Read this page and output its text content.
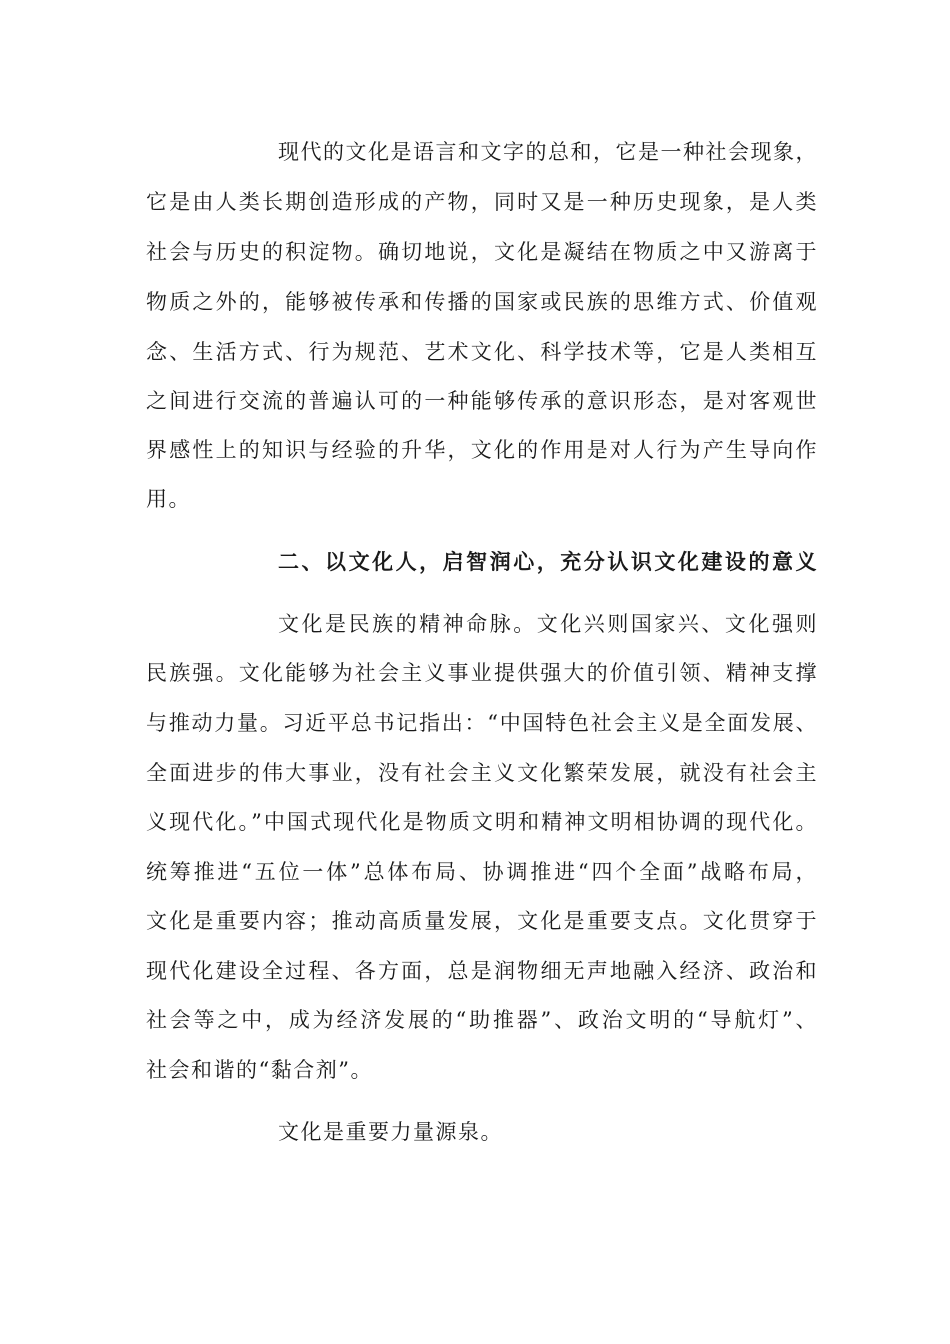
现代的文化是语言和文字的总和，它是一种社会现象，
它是由人类长期创造形成的产物，同时又是一种历史现象，是人类
社会与历史的积淀物。确切地说，文化是凝结在物质之中又游离于
物质之外的，能够被传承和传播的国家或民族的思维方式、价值观
念、生活方式、行为规范、艺术文化、科学技术等，它是人类相互
之间进行交流的普遍认可的一种能够传承的意识形态，是对客观世
界感性上的知识与经验的升华，文化的作用是对人行为产生导向作
用。
二、以文化人，启智润心，充分认识文化建设的意义
文化是民族的精神命脉。文化兴则国家兴、文化强则
民族强。文化能够为社会主义事业提供强大的价值引领、精神支撑
与推动力量。习近平总书记指出：“中国特色社会主义是全面发展、
全面进步的伟大事业，没有社会主义文化繁荣发展，就没有社会主
义现代化。”中国式现代化是物质文明和精神文明相协调的现代化。
统筹推进“五位一体”总体布局、协调推进“四个全面”战略布局，
文化是重要内容；推动高质量发展，文化是重要支点。文化贯穿于
现代化建设全过程、各方面，总是润物细无声地融入经济、政治和
社会等之中，成为经济发展的“助推器”、政治文明的“导航灯”、
社会和谐的“黏合剂”。
文化是重要力量源泉。
